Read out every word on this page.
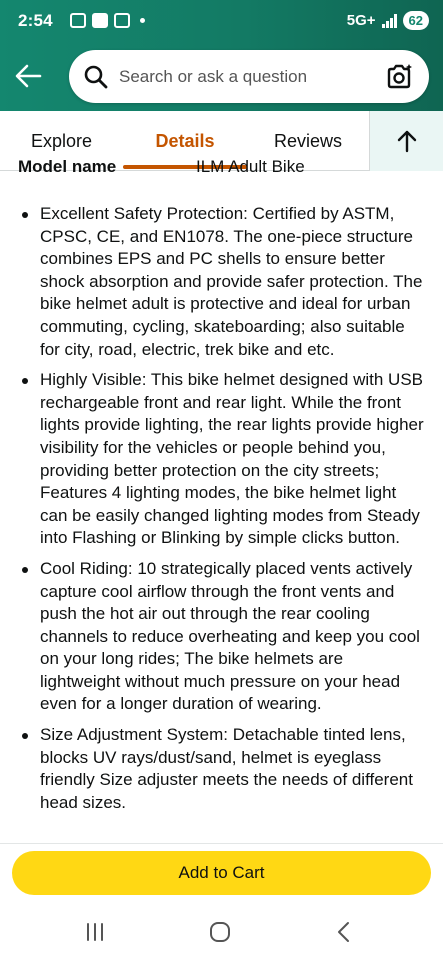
2:54	5G+	62
Search or ask a question
Explore	Details	Reviews
Model name	ILM Adult Bike
Excellent Safety Protection: Certified by ASTM, CPSC, CE, and EN1078. The one-piece structure combines EPS and PC shells to ensure better shock absorption and provide safer protection. The bike helmet adult is protective and ideal for urban commuting, cycling, skateboarding; also suitable for city, road, electric, trek bike and etc.
Highly Visible: This bike helmet designed with USB rechargeable front and rear light. While the front lights provide lighting, the rear lights provide higher visibility for the vehicles or people behind you, providing better protection on the city streets; Features 4 lighting modes, the bike helmet light can be easily changed lighting modes from Steady into Flashing or Blinking by simple clicks button.
Cool Riding: 10 strategically placed vents actively capture cool airflow through the front vents and push the hot air out through the rear cooling channels to reduce overheating and keep you cool on your long rides; The bike helmets are lightweight without much pressure on your head even for a longer duration of wearing.
Size Adjustment System: Detachable tinted lens, blocks UV rays/dust/sand, helmet is eyeglass friendly Size adjuster meets the needs of different head sizes.
Add to Cart
